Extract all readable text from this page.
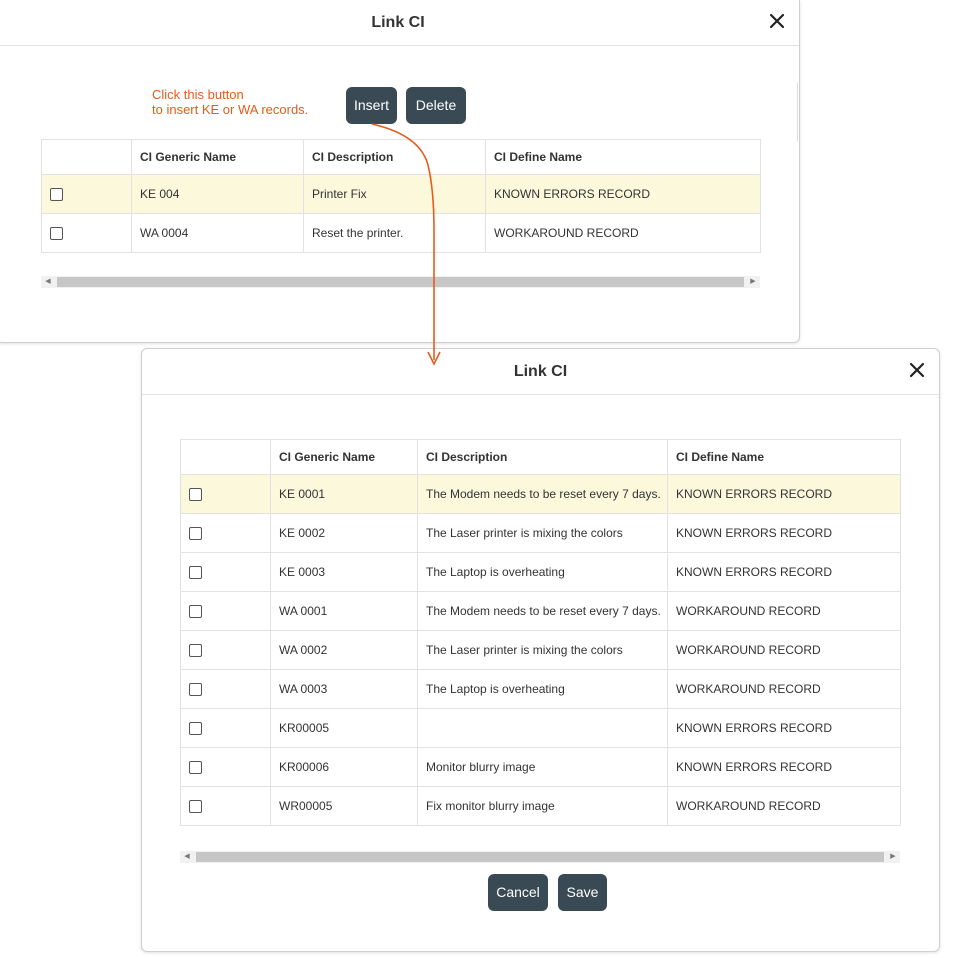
Link CI
Click this button
to insert KE or WA records.	Insert	Delete
	CI Generic Name	CI Description	CI Define Name
	KE 004	Printer Fix	KNOWN ERRORS RECORD
	WA 0004	Reset the printer.	WORKAROUND RECORD
◀	▶
Link CI
	CI Generic Name	CI Description	CI Define Name
	KE 0001	The Modem needs to be reset every 7 days.	KNOWN ERRORS RECORD
	KE 0002	The Laser printer is mixing the colors	KNOWN ERRORS RECORD
	KE 0003	The Laptop is overheating	KNOWN ERRORS RECORD
	WA 0001	The Modem needs to be reset every 7 days.	WORKAROUND RECORD
	WA 0002	The Laser printer is mixing the colors	WORKAROUND RECORD
	WA 0003	The Laptop is overheating	WORKAROUND RECORD
	KR00005		KNOWN ERRORS RECORD
	KR00006	Monitor blurry image	KNOWN ERRORS RECORD
	WR00005	Fix monitor blurry image	WORKAROUND RECORD
◀	▶
Cancel	Save
